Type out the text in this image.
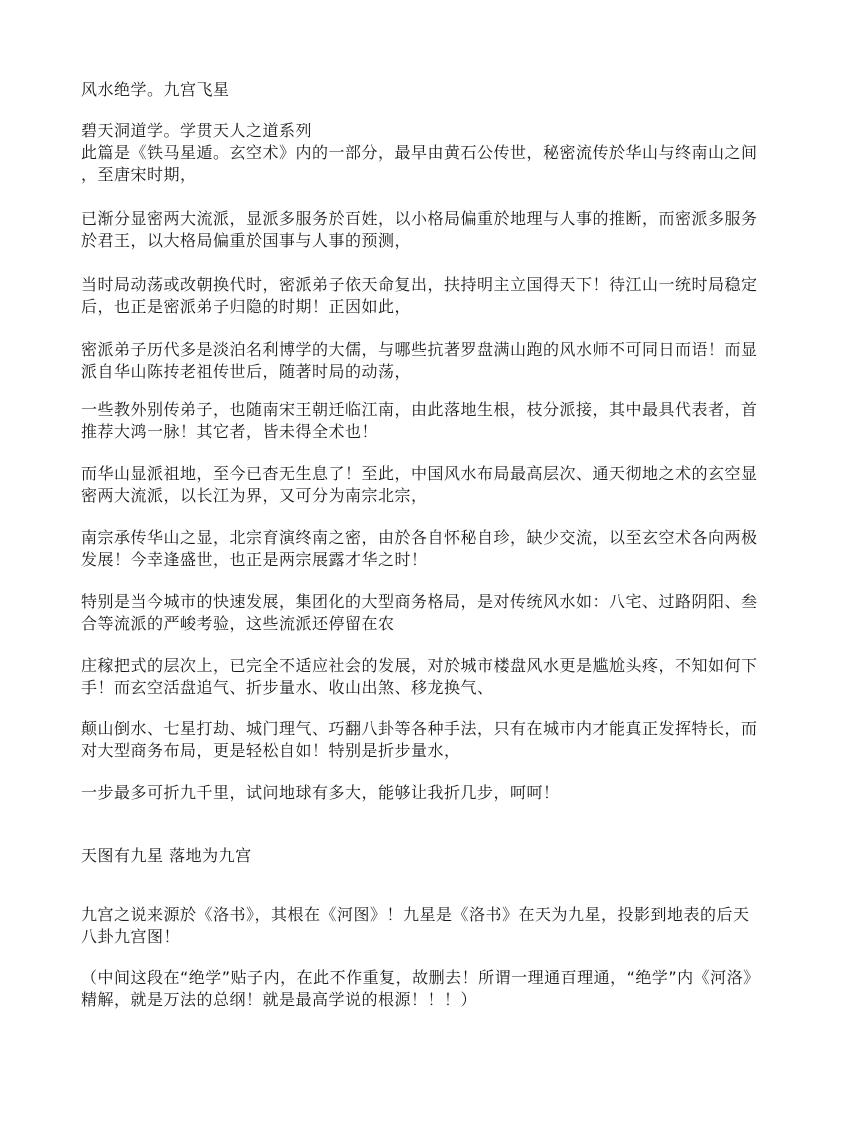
风水绝学。九宫飞星
碧天洞道学。学贯天人之道系列
此篇是《铁马星遁。玄空术》内的一部分，最早由黄石公传世，秘密流传於华山与终南山之间
，至唐宋时期，
已渐分显密两大流派，显派多服务於百姓，以小格局偏重於地理与人事的推断，而密派多服务
於君王，以大格局偏重於国事与人事的预测，
当时局动荡或改朝换代时，密派弟子依天命复出，扶持明主立国得天下！待江山一统时局稳定
后，也正是密派弟子归隐的时期！正因如此，
密派弟子历代多是淡泊名利博学的大儒，与哪些抗著罗盘满山跑的风水师不可同日而语！而显
派自华山陈抟老祖传世后，随著时局的动荡，
一些教外别传弟子，也随南宋王朝迁临江南，由此落地生根，枝分派接，其中最具代表者，首
推荐大鸿一脉！其它者，皆未得全术也！
而华山显派祖地，至今已杳无生息了！至此，中国风水布局最高层次、通天彻地之术的玄空显
密两大流派，以长江为界，又可分为南宗北宗，
南宗承传华山之显，北宗育演终南之密，由於各自怀秘自珍，缺少交流，以至玄空术各向两极
发展！今幸逢盛世，也正是两宗展露才华之时！
特别是当今城市的快速发展，集团化的大型商务格局，是对传统风水如：八宅、过路阴阳、叁
合等流派的严峻考验，这些流派还停留在农
庄稼把式的层次上，已完全不适应社会的发展，对於城市楼盘风水更是尴尬头疼，不知如何下
手！而玄空活盘追气、折步量水、收山出煞、移龙换气、
颠山倒水、七星打劫、城门理气、巧翻八卦等各种手法，只有在城市内才能真正发挥特长，而
对大型商务布局，更是轻松自如！特别是折步量水，
一步最多可折九千里，试问地球有多大，能够让我折几步，呵呵！
天图有九星 落地为九宫
九宫之说来源於《洛书》，其根在《河图》！九星是《洛书》在天为九星，投影到地表的后天
八卦九宫图！
（中间这段在“绝学”贴子内，在此不作重复，故删去！所谓一理通百理通，“绝学”内《河洛》
精解，就是万法的总纲！就是最高学说的根源！！！）
